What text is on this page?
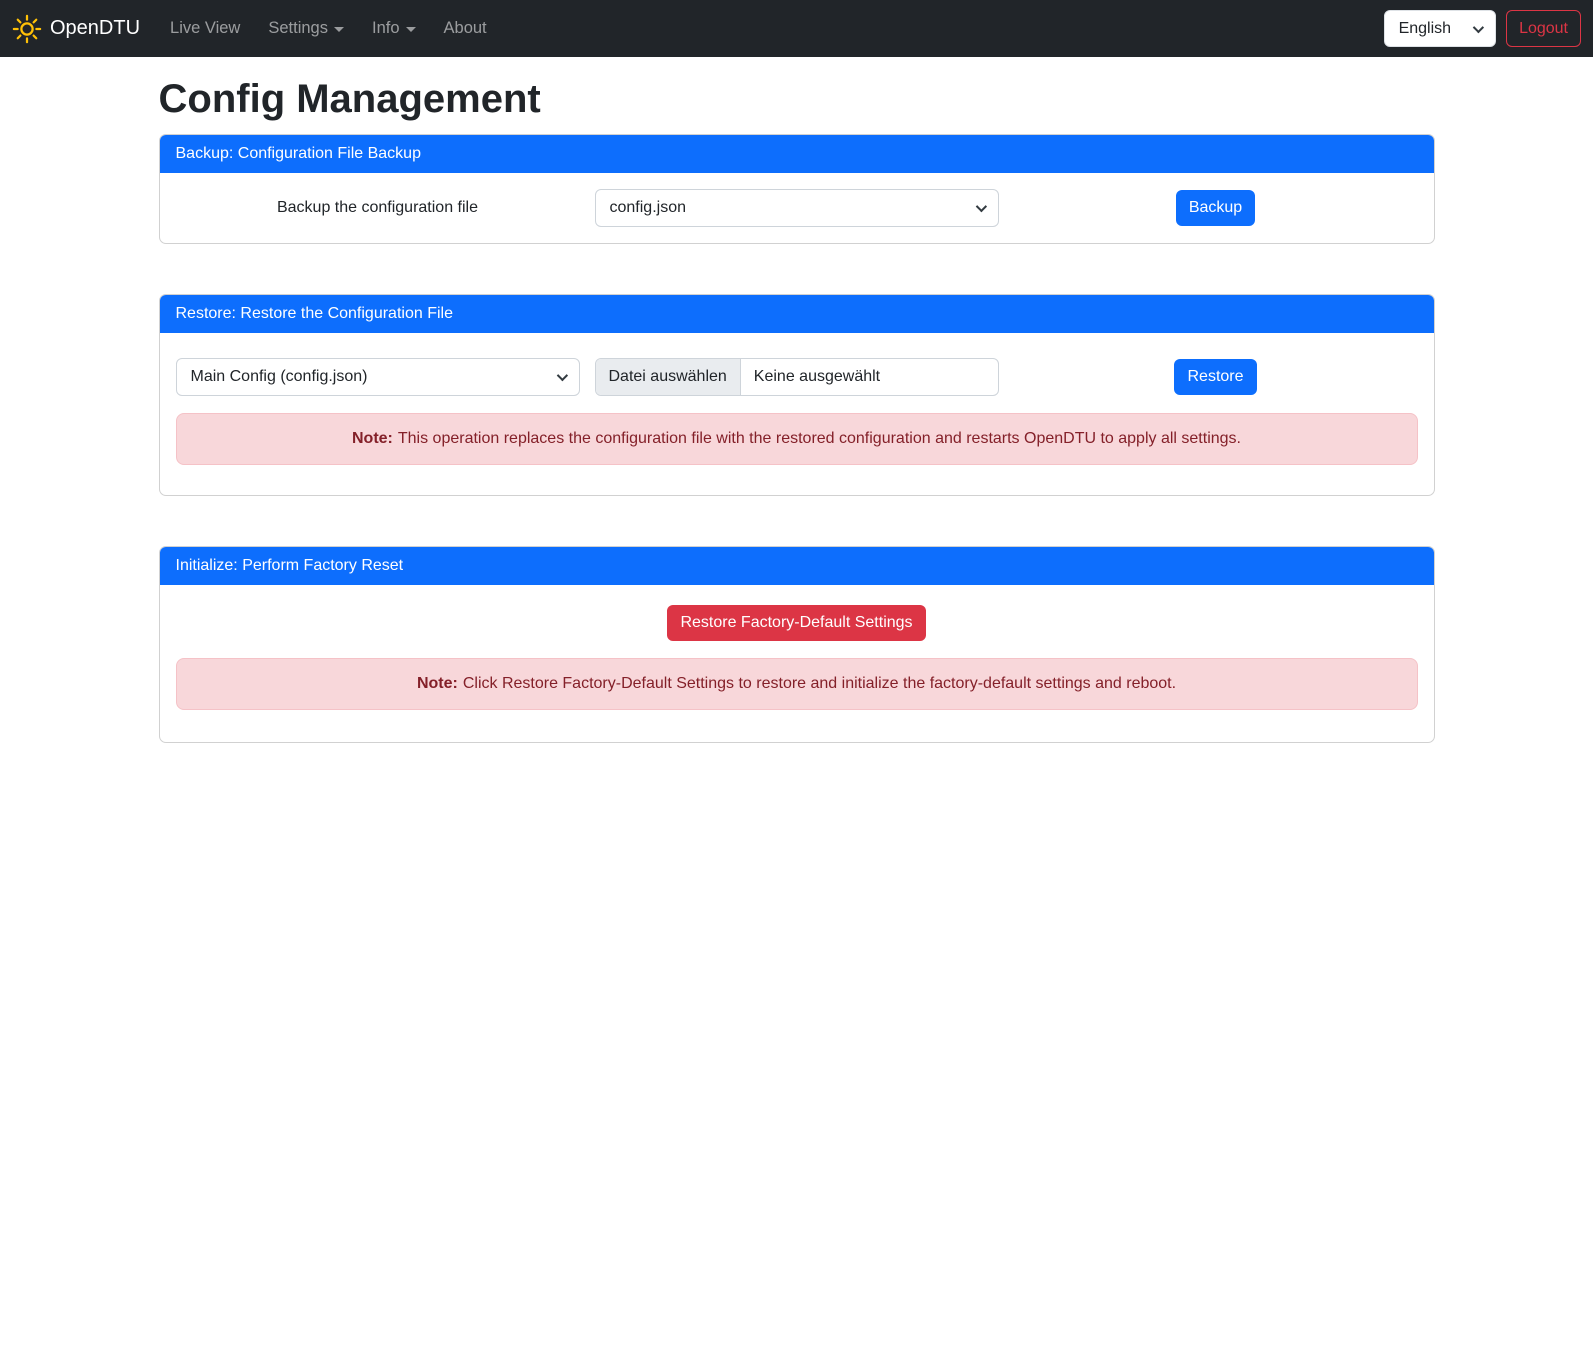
OpenDTU Live View Settings	Info	About	English	Logout
Config Management
Backup: Configuration File Backup
Backup the configuration file	config.json	Backup
Restore: Restore the Configuration File
Main Config (config.json)	Datei auswählen	Keine ausgewählt	Restore
Note: This operation replaces the configuration file with the restored configuration and restarts OpenDTU to apply all settings.
Initialize: Perform Factory Reset
Restore Factory-Default Settings
Note: Click Restore Factory-Default Settings to restore and initialize the factory-default settings and reboot.
